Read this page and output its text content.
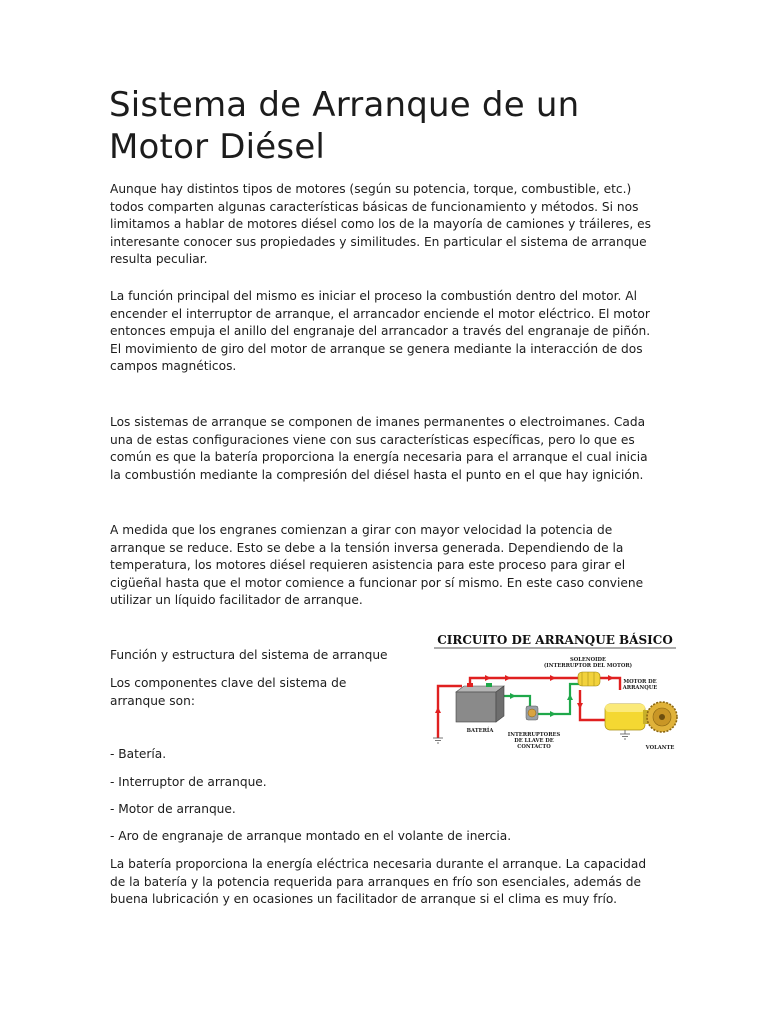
Sistema de Arranque de un Motor Diésel

Aunque hay distintos tipos de motores (según su potencia, torque, combustible, etc.) todos comparten algunas características básicas de funcionamiento y métodos. Si nos limitamos a hablar de motores diésel como los de la mayoría de camiones y tráileres, es interesante conocer sus propiedades y similitudes. En particular el sistema de arranque resulta peculiar.

La función principal del mismo es iniciar el proceso la combustión dentro del motor. Al encender el interruptor de arranque, el arrancador enciende el motor eléctrico. El motor entonces empuja el anillo del engranaje del arrancador a través del engranaje de piñón. El movimiento de giro del motor de arranque se genera mediante la interacción de dos campos magnéticos.

Los sistemas de arranque se componen de imanes permanentes o electroimanes. Cada una de estas configuraciones viene con sus características específicas, pero lo que es común es que la batería proporciona la energía necesaria para el arranque el cual inicia la combustión mediante la compresión del diésel hasta el punto en el que hay ignición.

A medida que los engranes comienzan a girar con mayor velocidad la potencia de arranque se reduce. Esto se debe a la tensión inversa generada. Dependiendo de la temperatura, los motores diésel requieren asistencia para este proceso para girar el cigüeñal hasta que el motor comience a funcionar por sí mismo. En este caso conviene utilizar un líquido facilitador de arranque.

Función y estructura del sistema de arranque

Los componentes clave del sistema de arranque son:

- Batería.

- Interruptor de arranque.

- Motor de arranque.

- Aro de engranaje de arranque montado en el volante de inercia.

La batería proporciona la energía eléctrica necesaria durante el arranque. La capacidad de la batería y la potencia requerida para arranques en frío son esenciales, además de buena lubricación y en ocasiones un facilitador de arranque si el clima es muy frío.

CIRCUITO DE ARRANQUE BÁSICO
SOLENOIDE
(INTERRUPTOR DEL MOTOR)
MOTOR DE
ARRANQUE
BATERÍA
INTERRUPTORES
DE LLAVE DE
CONTACTO	VOLANTE
